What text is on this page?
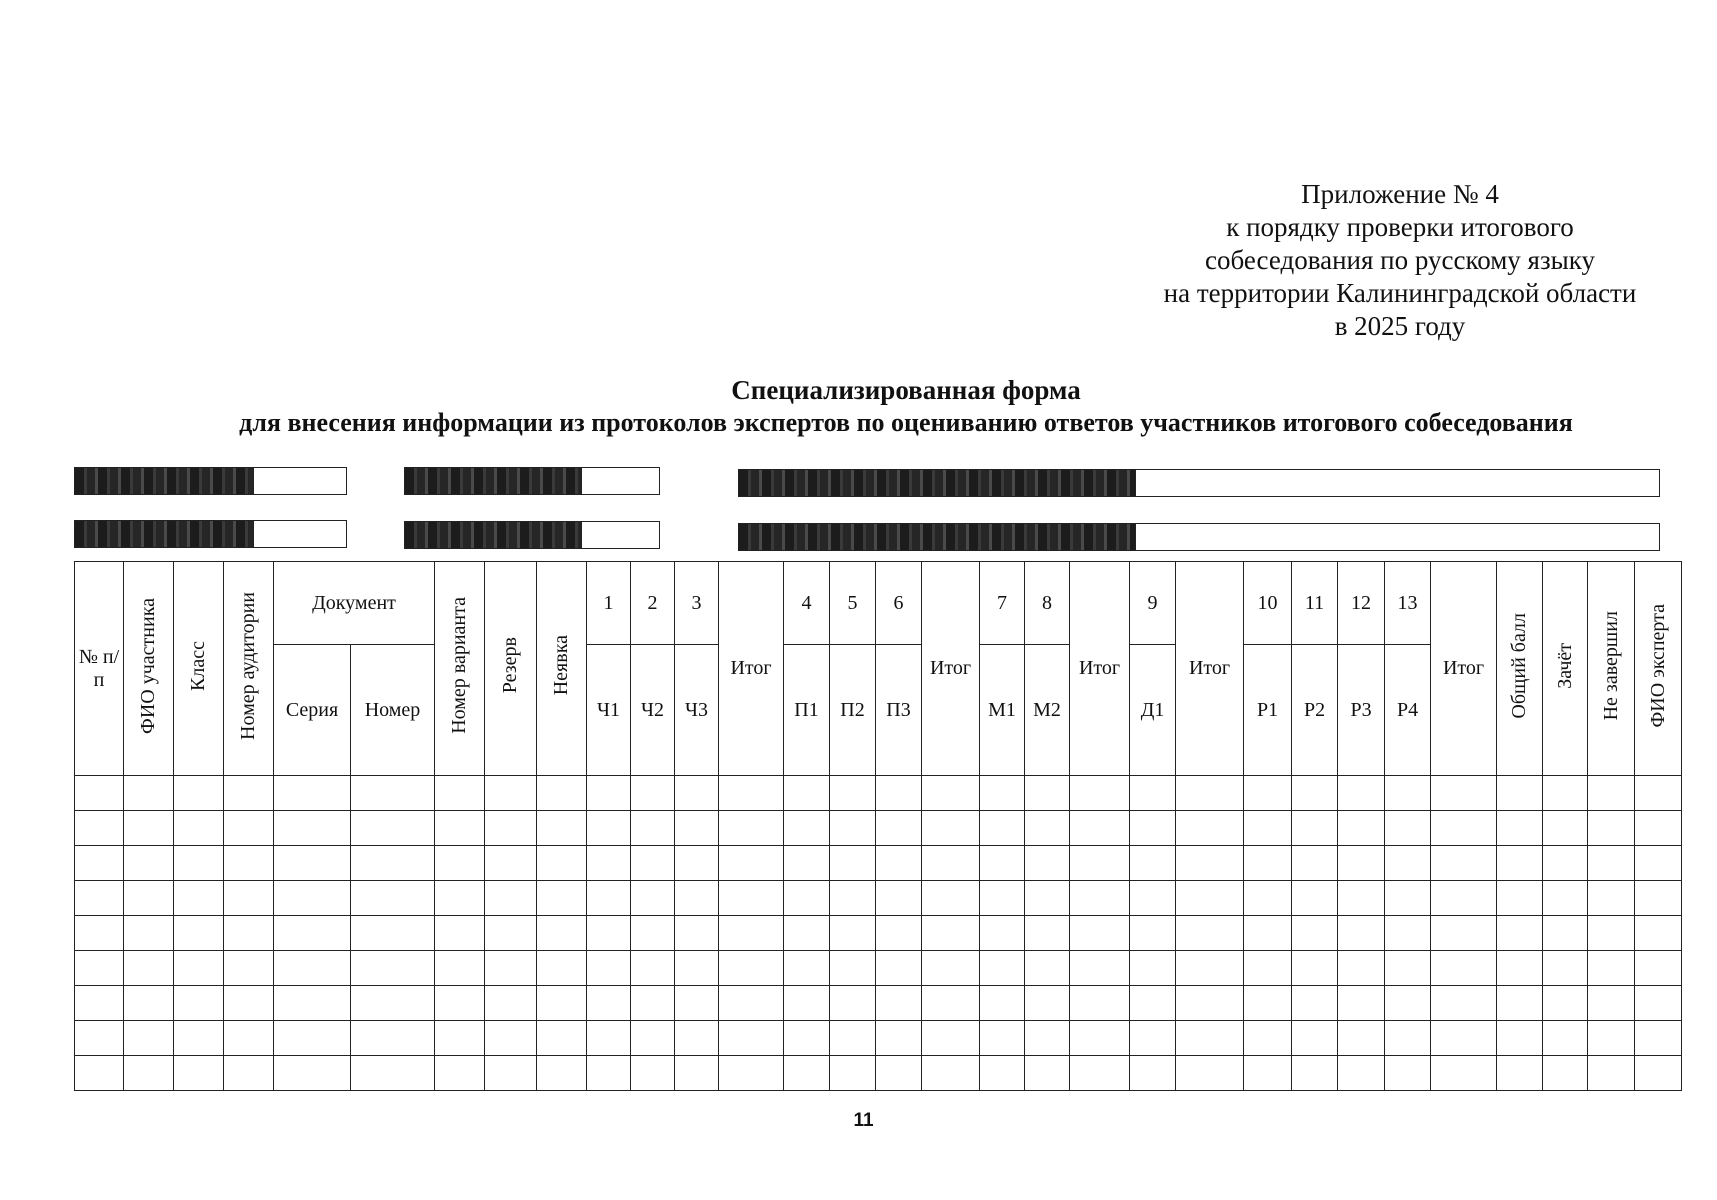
Приложение № 4
к порядку проверки итогового
собеседования по русскому языку
на территории Калининградской области
в 2025 году
Специализированная форма
для внесения информации из протоколов экспертов по оцениванию ответов участников итогового собеседования
№ п/п	ФИО участника	Класс	Номер аудитории	Документ		Номер варианта	Резерв	Неявка	1	2	3	Итог	4	5	6	Итог	7	8	Итог	9	Итог	10	11	12	13	Итог	Общий балл	Зачёт	Не завершил	ФИО эксперта
				Серия	Номер				Ч1	Ч2	Ч3		П1	П2	П3		М1	М2		Д1		Р1	Р2	Р3	Р4					

11
